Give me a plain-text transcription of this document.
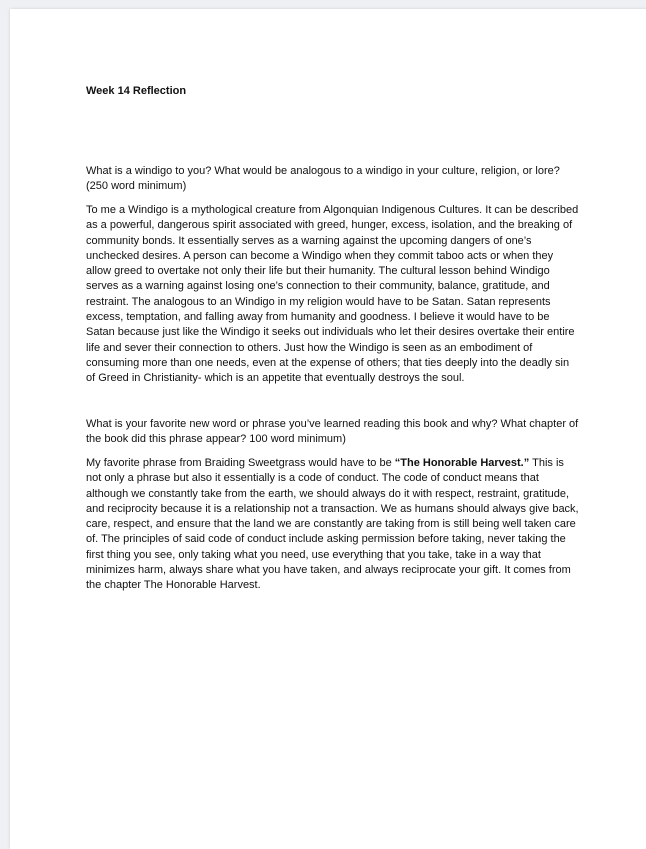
Week 14 Reflection

What is a windigo to you? What would be analogous to a windigo in your culture, religion, or lore? (250 word minimum)

To me a Windigo is a mythological creature from Algonquian Indigenous Cultures. It can be described as a powerful, dangerous spirit associated with greed, hunger, excess, isolation, and the breaking of community bonds. It essentially serves as a warning against the upcoming dangers of one’s unchecked desires. A person can become a Windigo when they commit taboo acts or when they allow greed to overtake not only their life but their humanity. The cultural lesson behind Windigo serves as a warning against losing one’s connection to their community, balance, gratitude, and restraint. The analogous to an Windigo in my religion would have to be Satan. Satan represents excess, temptation, and falling away from humanity and goodness. I believe it would have to be Satan because just like the Windigo it seeks out individuals who let their desires overtake their entire life and sever their connection to others. Just how the Windigo is seen as an embodiment of consuming more than one needs, even at the expense of others; that ties deeply into the deadly sin of Greed in Christianity- which is an appetite that eventually destroys the soul.

What is your favorite new word or phrase you’ve learned reading this book and why? What chapter of the book did this phrase appear? 100 word minimum)

My favorite phrase from Braiding Sweetgrass would have to be “The Honorable Harvest.” This is not only a phrase but also it essentially is a code of conduct. The code of conduct means that although we constantly take from the earth, we should always do it with respect, restraint, gratitude, and reciprocity because it is a relationship not a transaction. We as humans should always give back, care, respect, and ensure that the land we are constantly are taking from is still being well taken care of. The principles of said code of conduct include asking permission before taking, never taking the first thing you see, only taking what you need, use everything that you take, take in a way that minimizes harm, always share what you have taken, and always reciprocate your gift. It comes from the chapter The Honorable Harvest.
